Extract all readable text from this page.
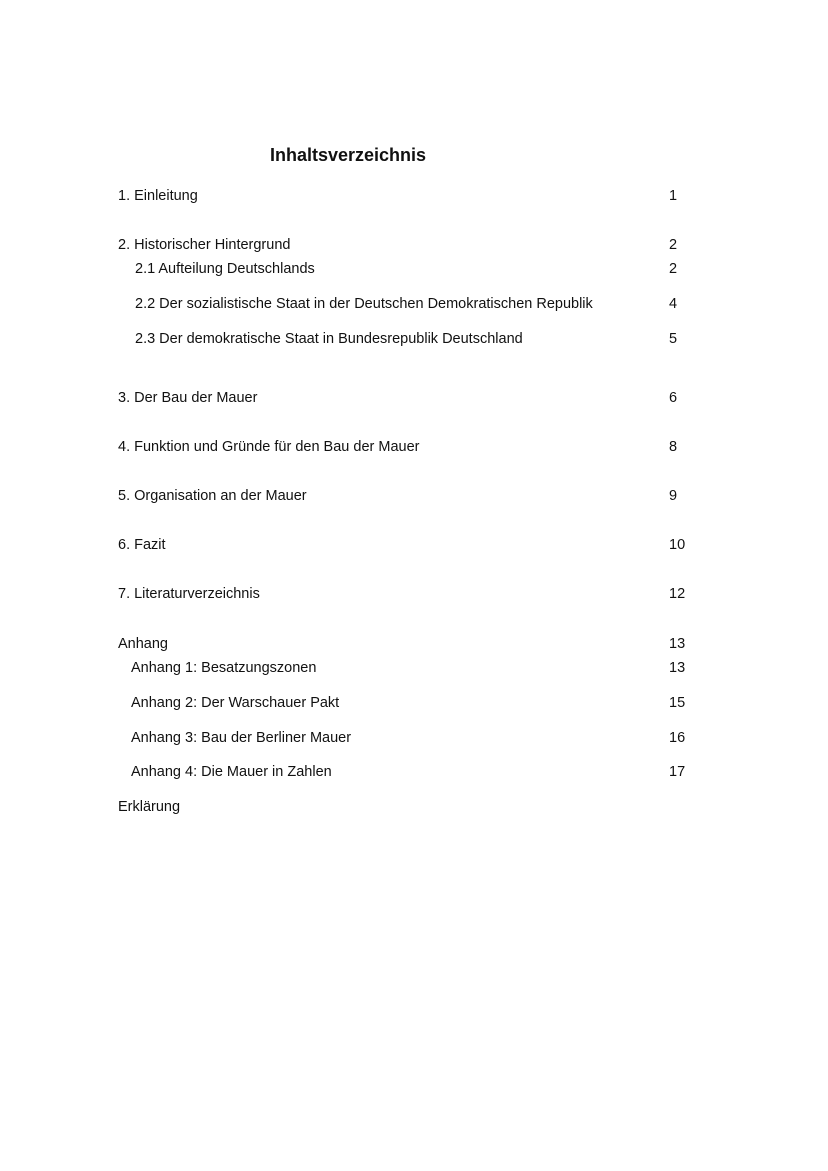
Inhaltsverzeichnis
1. Einleitung	1
2. Historischer Hintergrund	2
2.1 Aufteilung Deutschlands	2
2.2 Der sozialistische Staat in der Deutschen Demokratischen Republik	4
2.3 Der demokratische Staat in Bundesrepublik Deutschland	5
3. Der Bau der Mauer	6
4. Funktion und Gründe für den Bau der Mauer	8
5. Organisation an der Mauer	9
6. Fazit	10
7. Literaturverzeichnis	12
Anhang	13
Anhang 1: Besatzungszonen	13
Anhang 2: Der Warschauer Pakt	15
Anhang 3: Bau der Berliner Mauer	16
Anhang 4: Die Mauer in Zahlen	17
Erklärung
